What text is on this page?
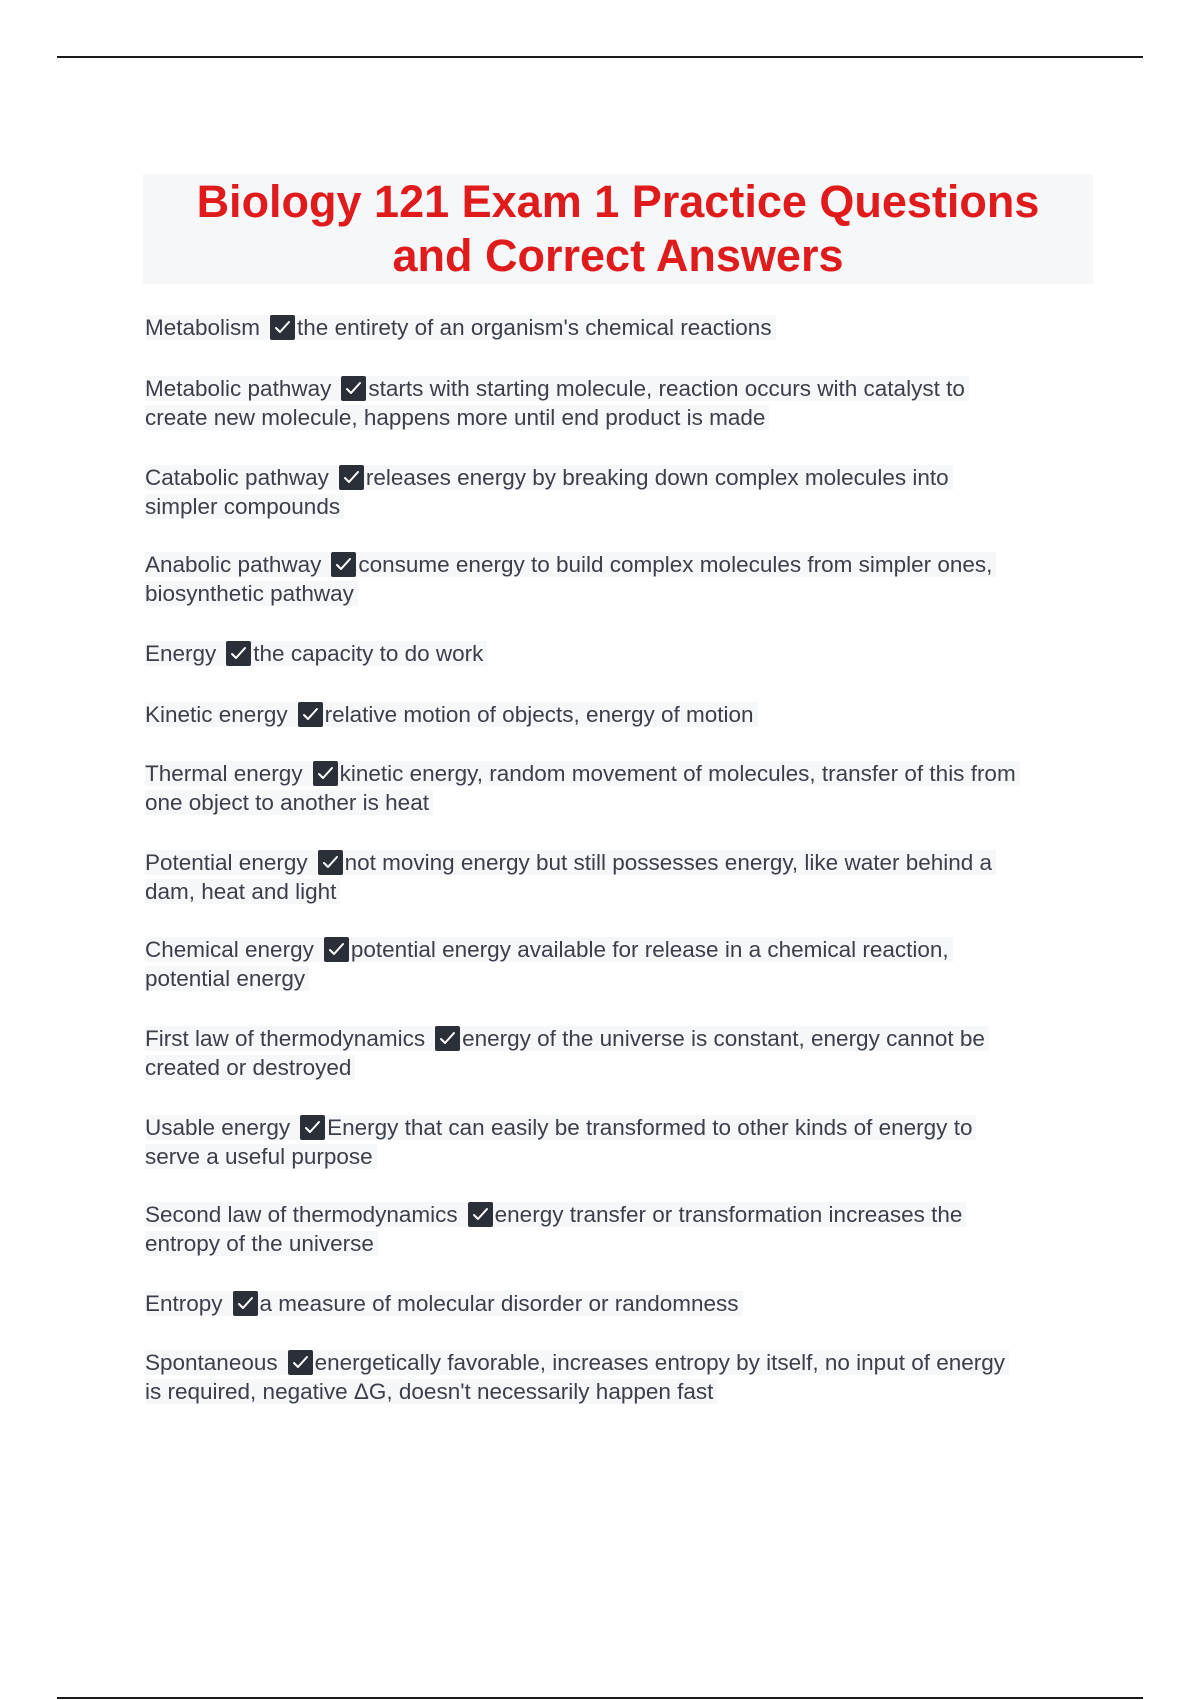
Biology 121 Exam 1 Practice Questions
and Correct Answers
Metabolism the entirety of an organism's chemical reactions
Metabolic pathway starts with starting molecule, reaction occurs with catalyst to
create new molecule, happens more until end product is made
Catabolic pathway releases energy by breaking down complex molecules into
simpler compounds
Anabolic pathway consume energy to build complex molecules from simpler ones,
biosynthetic pathway
Energy the capacity to do work
Kinetic energy relative motion of objects, energy of motion
Thermal energy kinetic energy, random movement of molecules, transfer of this from
one object to another is heat
Potential energy not moving energy but still possesses energy, like water behind a
dam, heat and light
Chemical energy potential energy available for release in a chemical reaction,
potential energy
First law of thermodynamics energy of the universe is constant, energy cannot be
created or destroyed
Usable energy Energy that can easily be transformed to other kinds of energy to
serve a useful purpose
Second law of thermodynamics energy transfer or transformation increases the
entropy of the universe
Entropy a measure of molecular disorder or randomness
Spontaneous energetically favorable, increases entropy by itself, no input of energy
is required, negative ΔG, doesn't necessarily happen fast
